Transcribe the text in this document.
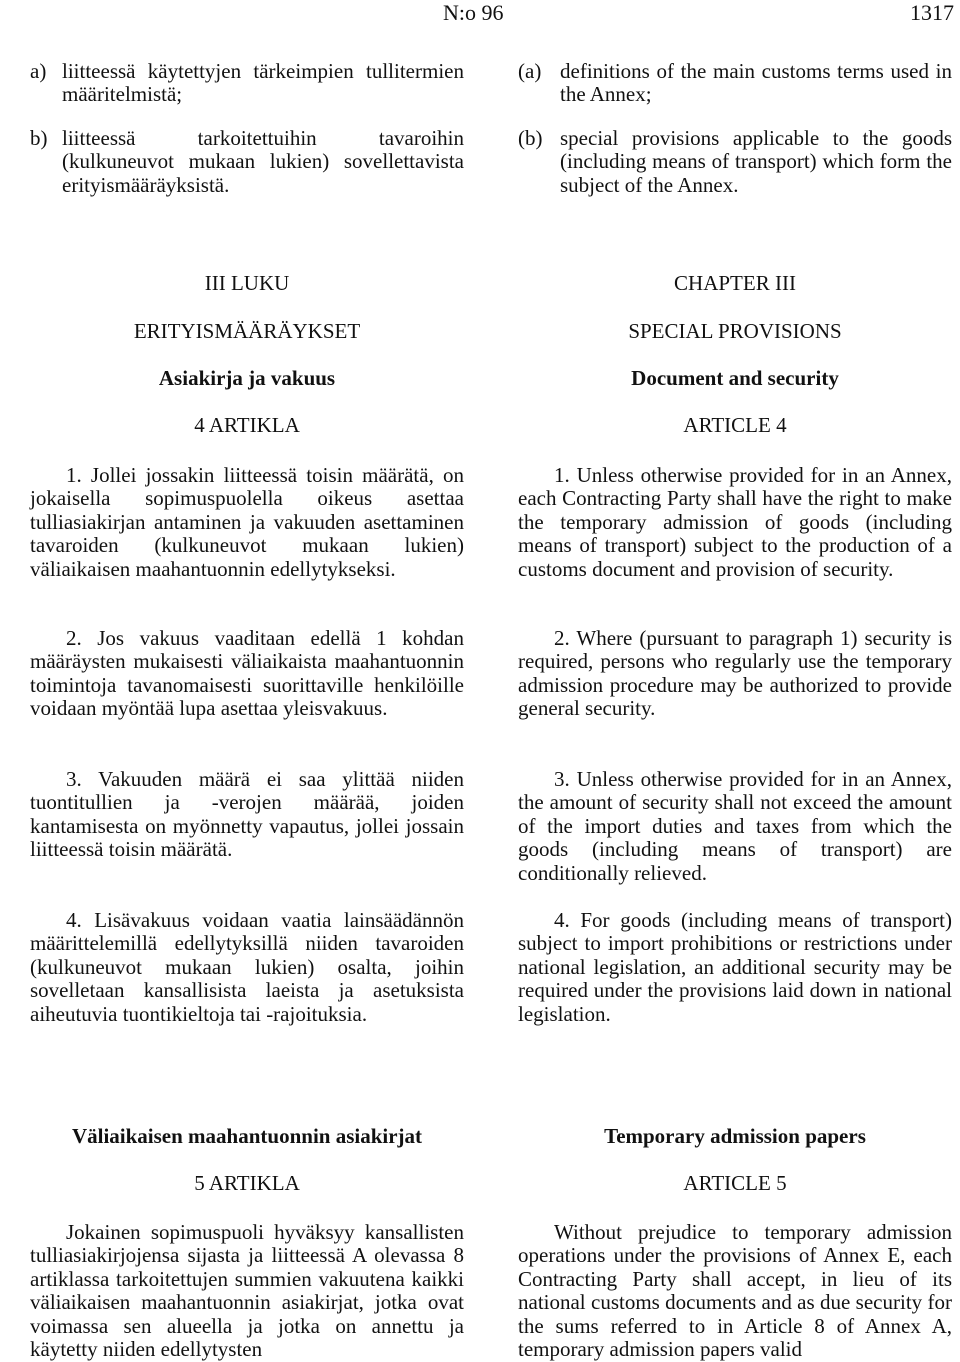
N:o 96	1317
a) liitteessä käytettyjen tärkeimpien tullitermien määritelmistä;
b) liitteessä tarkoitettuihin tavaroihin (kulkuneuvot mukaan lukien) sovellettavista erityismääräyksistä.
III LUKU
ERITYISMÄÄRÄYKSET
Asiakirja ja vakuus
4 ARTIKLA

1. Jollei jossakin liitteessä toisin määrätä, on jokaisella sopimuspuolella oikeus asettaa tulliasiakirjan antaminen ja vakuuden asettaminen tavaroiden (kulkuneuvot mukaan lukien) väliaikaisen maahantuonnin edellytykseksi.

2. Jos vakuus vaaditaan edellä 1 kohdan määräysten mukaisesti väliaikaista maahantuonnin toimintoja tavanomaisesti suorittaville henkilöille voidaan myöntää lupa asettaa yleisvakuus.

3. Vakuuden määrä ei saa ylittää niiden tuontitullien ja -verojen määrää, joiden kantamisesta on myönnetty vapautus, jollei jossain liitteessä toisin määrätä.

4. Lisävakuus voidaan vaatia lainsäädännön määrittelemillä edellytyksillä niiden tavaroiden (kulkuneuvot mukaan lukien) osalta, joihin sovelletaan kansallisista laeista ja asetuksista aiheutuvia tuontikieltoja tai -rajoituksia.

Väliaikaisen maahantuonnin asiakirjat
5 ARTIKLA

Jokainen sopimuspuoli hyväksyy kansallisten tulliasiakirjojensa sijasta ja liitteessä A olevassa 8 artiklassa tarkoitettujen summien vakuutena kaikki väliaikaisen maahantuonnin asiakirjat, jotka ovat voimassa sen alueella ja jotka on annettu ja käytetty niiden edellytysten

(a) definitions of the main customs terms used in the Annex;
(b) special provisions applicable to the goods (including means of transport) which form the subject of the Annex.
CHAPTER III
SPECIAL PROVISIONS
Document and security
ARTICLE 4

1. Unless otherwise provided for in an Annex, each Contracting Party shall have the right to make the temporary admission of goods (including means of transport) subject to the production of a customs document and provision of security.

2. Where (pursuant to paragraph 1) security is required, persons who regularly use the temporary admission procedure may be authorized to provide general security.

3. Unless otherwise provided for in an Annex, the amount of security shall not exceed the amount of the import duties and taxes from which the goods (including means of transport) are conditionally relieved.

4. For goods (including means of transport) subject to import prohibitions or restrictions under national legislation, an additional security may be required under the provisions laid down in national legislation.

Temporary admission papers
ARTICLE 5

Without prejudice to temporary admission operations under the provisions of Annex E, each Contracting Party shall accept, in lieu of its national customs documents and as due security for the sums referred to in Article 8 of Annex A, temporary admission papers valid
